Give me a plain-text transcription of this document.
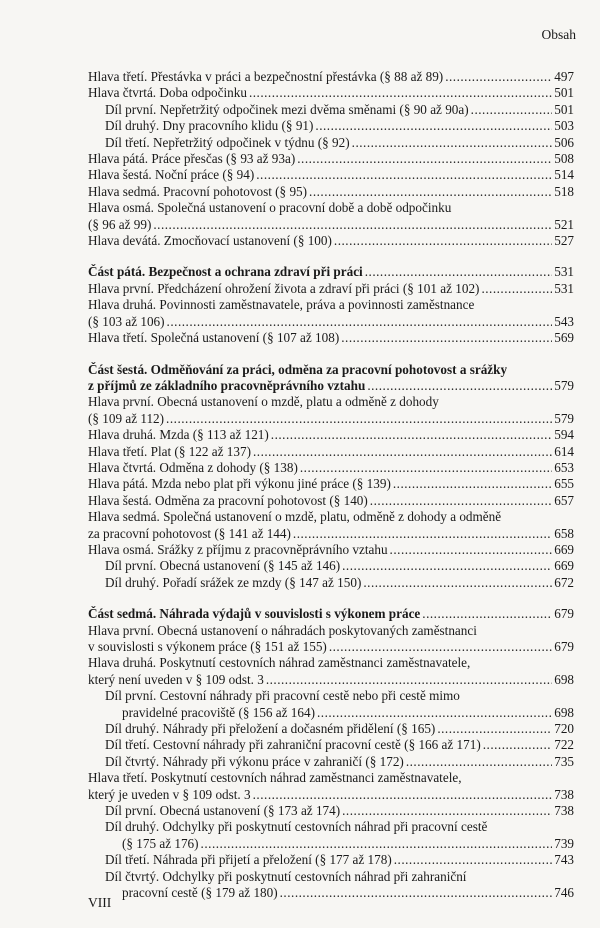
Obsah
Hlava třetí. Přestávka v práci a bezpečnostní přestávka (§ 88 až 89) .....	497
Hlava čtvrtá. Doba odpočinku .....	501
Díl první. Nepřetržitý odpočinek mezi dvěma směnami (§ 90 až 90a) .....	501
Díl druhý. Dny pracovního klidu (§ 91) .....	503
Díl třetí. Nepřetržitý odpočinek v týdnu (§ 92) .....	506
Hlava pátá. Práce přesčas (§ 93 až 93a) .....	508
Hlava šestá. Noční práce (§ 94) .....	514
Hlava sedmá. Pracovní pohotovost (§ 95) .....	518
Hlava osmá. Společná ustanovení o pracovní době a době odpočinku
(§ 96 až 99) .....	521
Hlava devátá. Zmocňovací ustanovení (§ 100) .....	527
Část pátá. Bezpečnost a ochrana zdraví při práci .....	531
Hlava první. Předcházení ohrožení života a zdraví při práci (§ 101 až 102) .....	531
Hlava druhá. Povinnosti zaměstnavatele, práva a povinnosti zaměstnance
(§ 103 až 106) .....	543
Hlava třetí. Společná ustanovení (§ 107 až 108) .....	569
Část šestá. Odměňování za práci, odměna za pracovní pohotovost a srážky
z příjmů ze základního pracovněprávního vztahu .....	579
Hlava první. Obecná ustanovení o mzdě, platu a odměně z dohody
(§ 109 až 112) .....	579
Hlava druhá. Mzda (§ 113 až 121) .....	594
Hlava třetí. Plat (§ 122 až 137) .....	614
Hlava čtvrtá. Odměna z dohody (§ 138) .....	653
Hlava pátá. Mzda nebo plat při výkonu jiné práce (§ 139) .....	655
Hlava šestá. Odměna za pracovní pohotovost (§ 140) .....	657
Hlava sedmá. Společná ustanovení o mzdě, platu, odměně z dohody a odměně
za pracovní pohotovost (§ 141 až 144) .....	658
Hlava osmá. Srážky z příjmu z pracovněprávního vztahu .....	669
Díl první. Obecná ustanovení (§ 145 až 146) .....	669
Díl druhý. Pořadí srážek ze mzdy (§ 147 až 150) .....	672
Část sedmá. Náhrada výdajů v souvislosti s výkonem práce .....	679
Hlava první. Obecná ustanovení o náhradách poskytovaných zaměstnanci
v souvislosti s výkonem práce (§ 151 až 155) .....	679
Hlava druhá. Poskytnutí cestovních náhrad zaměstnanci zaměstnavatele,
který není uveden v § 109 odst. 3 .....	698
Díl první. Cestovní náhrady při pracovní cestě nebo při cestě mimo
pravidelné pracoviště (§ 156 až 164) .....	698
Díl druhý. Náhrady při přeložení a dočasném přidělení (§ 165) .....	720
Díl třetí. Cestovní náhrady při zahraniční pracovní cestě (§ 166 až 171) .....	722
Díl čtvrtý. Náhrady při výkonu práce v zahraničí (§ 172) .....	735
Hlava třetí. Poskytnutí cestovních náhrad zaměstnanci zaměstnavatele,
který je uveden v § 109 odst. 3 .....	738
Díl první. Obecná ustanovení (§ 173 až 174) .....	738
Díl druhý. Odchylky při poskytnutí cestovních náhrad při pracovní cestě
(§ 175 až 176) .....	739
Díl třetí. Náhrada při přijetí a přeložení (§ 177 až 178) .....	743
Díl čtvrtý. Odchylky při poskytnutí cestovních náhrad při zahraniční
pracovní cestě (§ 179 až 180) .....	746
VIII
